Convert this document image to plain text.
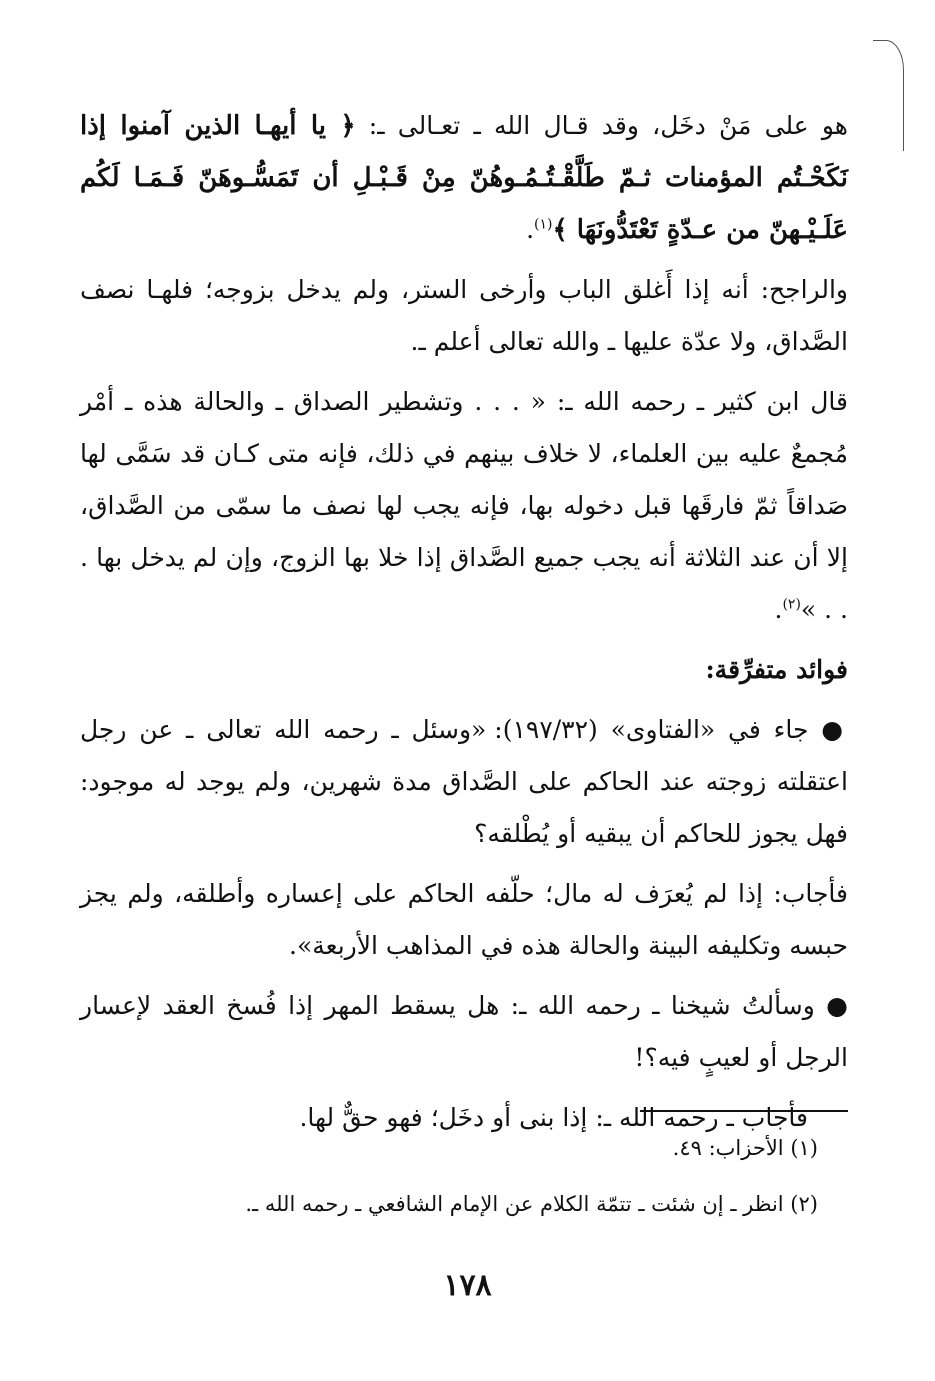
هو على مَنْ دخَل، وقد قـال الله ـ تعـالى ـ: ﴿ يا أيهـا الذين آمنوا إذا نَكَحْـتُم المؤمنات ثـمّ طَلَّقْـتُـمُـوهُنّ مِنْ قَـبْـلِ أن تَمَسُّـوهَنّ فَـمَـا لَكُم عَلَـيْـهنّ من عـدّةٍ تَعْتَدُّونَهَا ﴾$^{(١)}$.

والراجح: أنه إذا أَغلق الباب وأرخى الستر، ولم يدخل بزوجه؛ فلهـا نصف الصَّداق، ولا عدّة عليها ـ والله تعالى أعلم ـ.

قال ابن كثير ـ رحمه الله ـ: « . . . وتشطير الصداق ـ والحالة هذه ـ أمْر مُجمعٌ عليه بين العلماء، لا خلاف بينهم في ذلك، فإنه متى كـان قد سَمَّى لها صَداقاً ثمّ فارقَها قبل دخوله بها، فإنه يجب لها نصف ما سمّى من الصَّداق، إلا أن عند الثلاثة أنه يجب جميع الصَّداق إذا خلا بها الزوج، وإن لم يدخل بها . . . »$^{(٢)}$.

فوائد متفرِّقة:

● جاء في «الفتاوى» (١٩٧/٣٢): «وسئل ـ رحمه الله تعالى ـ عن رجل اعتقلته زوجته عند الحاكم على الصَّداق مدة شهرين، ولم يوجد له موجود: فهل يجوز للحاكم أن يبقيه أو يُطْلقه؟

فأجاب: إذا لم يُعرَف له مال؛ حلّفه الحاكم على إعساره وأطلقه، ولم يجز حبسه وتكليفه البينة والحالة هذه في المذاهب الأربعة».

● وسألتُ شيخنا ـ رحمه الله ـ: هل يسقط المهر إذا فُسخ العقد لإعسار الرجل أو لعيبٍ فيه؟!

فأجاب ـ رحمه الله ـ: إذا بنى أو دخَل؛ فهو حقٌّ لها.

(١) الأحزاب: ٤٩.
(٢) انظر ـ إن شئت ـ تتمّة الكلام عن الإمام الشافعي ـ رحمه الله ـ.
١٧٨
